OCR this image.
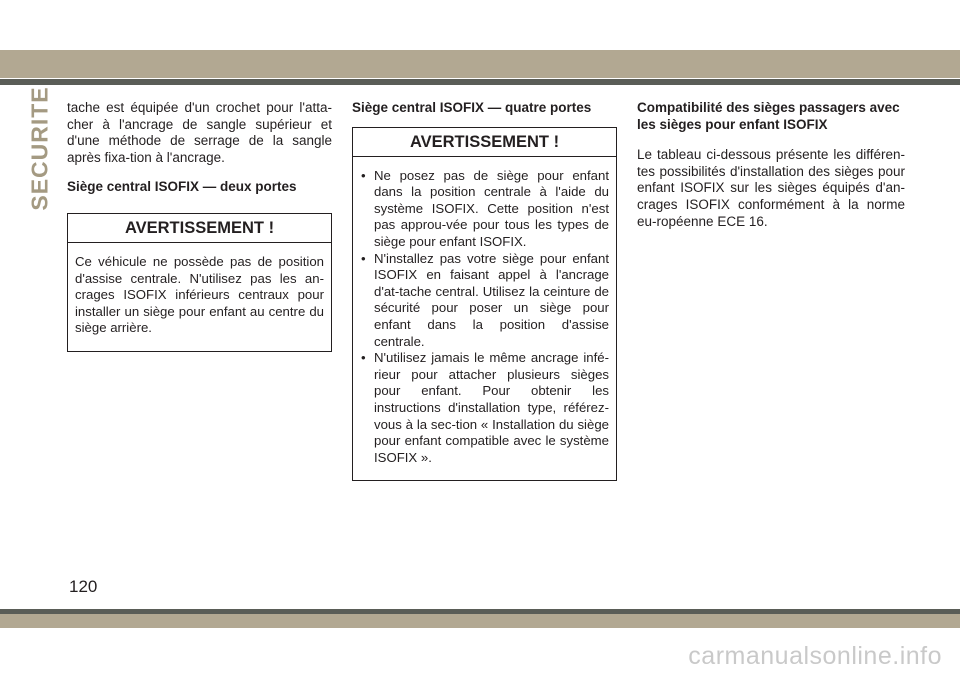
SECURITE tache est équipée d'un crochet pour l'atta-cher à l'ancrage de sangle supérieur et d'une méthode de serrage de la sangle après fixa-tion à l'ancrage.

Siège central ISOFIX — deux portes
AVERTISSEMENT !

Ce véhicule ne possède pas de position d'assise centrale. N'utilisez pas les an-crages ISOFIX inférieurs centraux pour installer un siège pour enfant au centre du siège arrière.

Siège central ISOFIX — quatre portes
AVERTISSEMENT !
• Ne posez pas de siège pour enfant dans la position centrale à l'aide du système ISOFIX. Cette position n'est pas approu-vée pour tous les types de siège pour enfant ISOFIX.
• N'installez pas votre siège pour enfant ISOFIX en faisant appel à l'ancrage d'at-tache central. Utilisez la ceinture de sécurité pour poser un siège pour enfant dans la position d'assise centrale.
• N'utilisez jamais le même ancrage infé-rieur pour attacher plusieurs sièges pour enfant. Pour obtenir les instructions d'installation type, référez-vous à la sec-tion « Installation du siège pour enfant compatible avec le système ISOFIX ».
Compatibilité des sièges passagers avec les sièges pour enfant ISOFIX

Le tableau ci-dessous présente les différen-tes possibilités d'installation des sièges pour enfant ISOFIX sur les sièges équipés d'an-crages ISOFIX conformément à la norme eu-ropéenne ECE 16.

120
carmanualsonline.info
